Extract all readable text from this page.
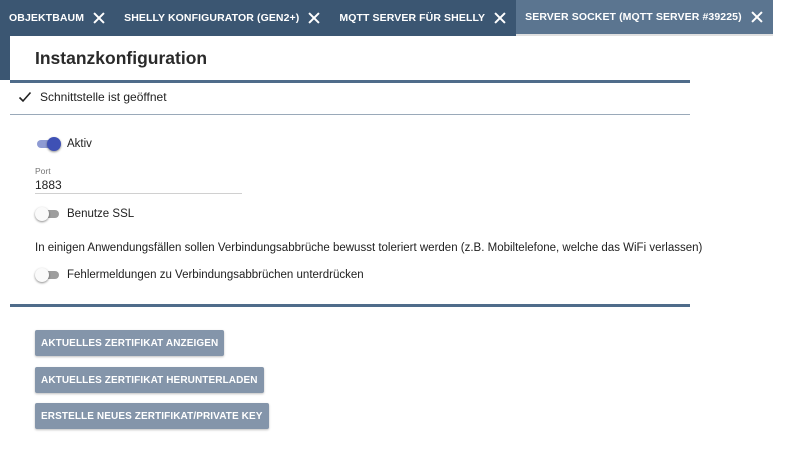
OBJEKTBAUM	SHELLY KONFIGURATOR (GEN2+)	MQTT SERVER FÜR SHELLY	SERVER SOCKET (MQTT SERVER #39225) +
Instanzkonfiguration
Schnittstelle ist geöffnet
Aktiv
Port
1883
Benutze SSL
In einigen Anwendungsfällen sollen Verbindungsabbrüche bewusst toleriert werden (z.B. Mobiltelefone, welche das WiFi verlassen)
Fehlermeldungen zu Verbindungsabbrüchen unterdrücken
AKTUELLES ZERTIFIKAT ANZEIGEN
AKTUELLES ZERTIFIKAT HERUNTERLADEN
ERSTELLE NEUES ZERTIFIKAT/PRIVATE KEY
